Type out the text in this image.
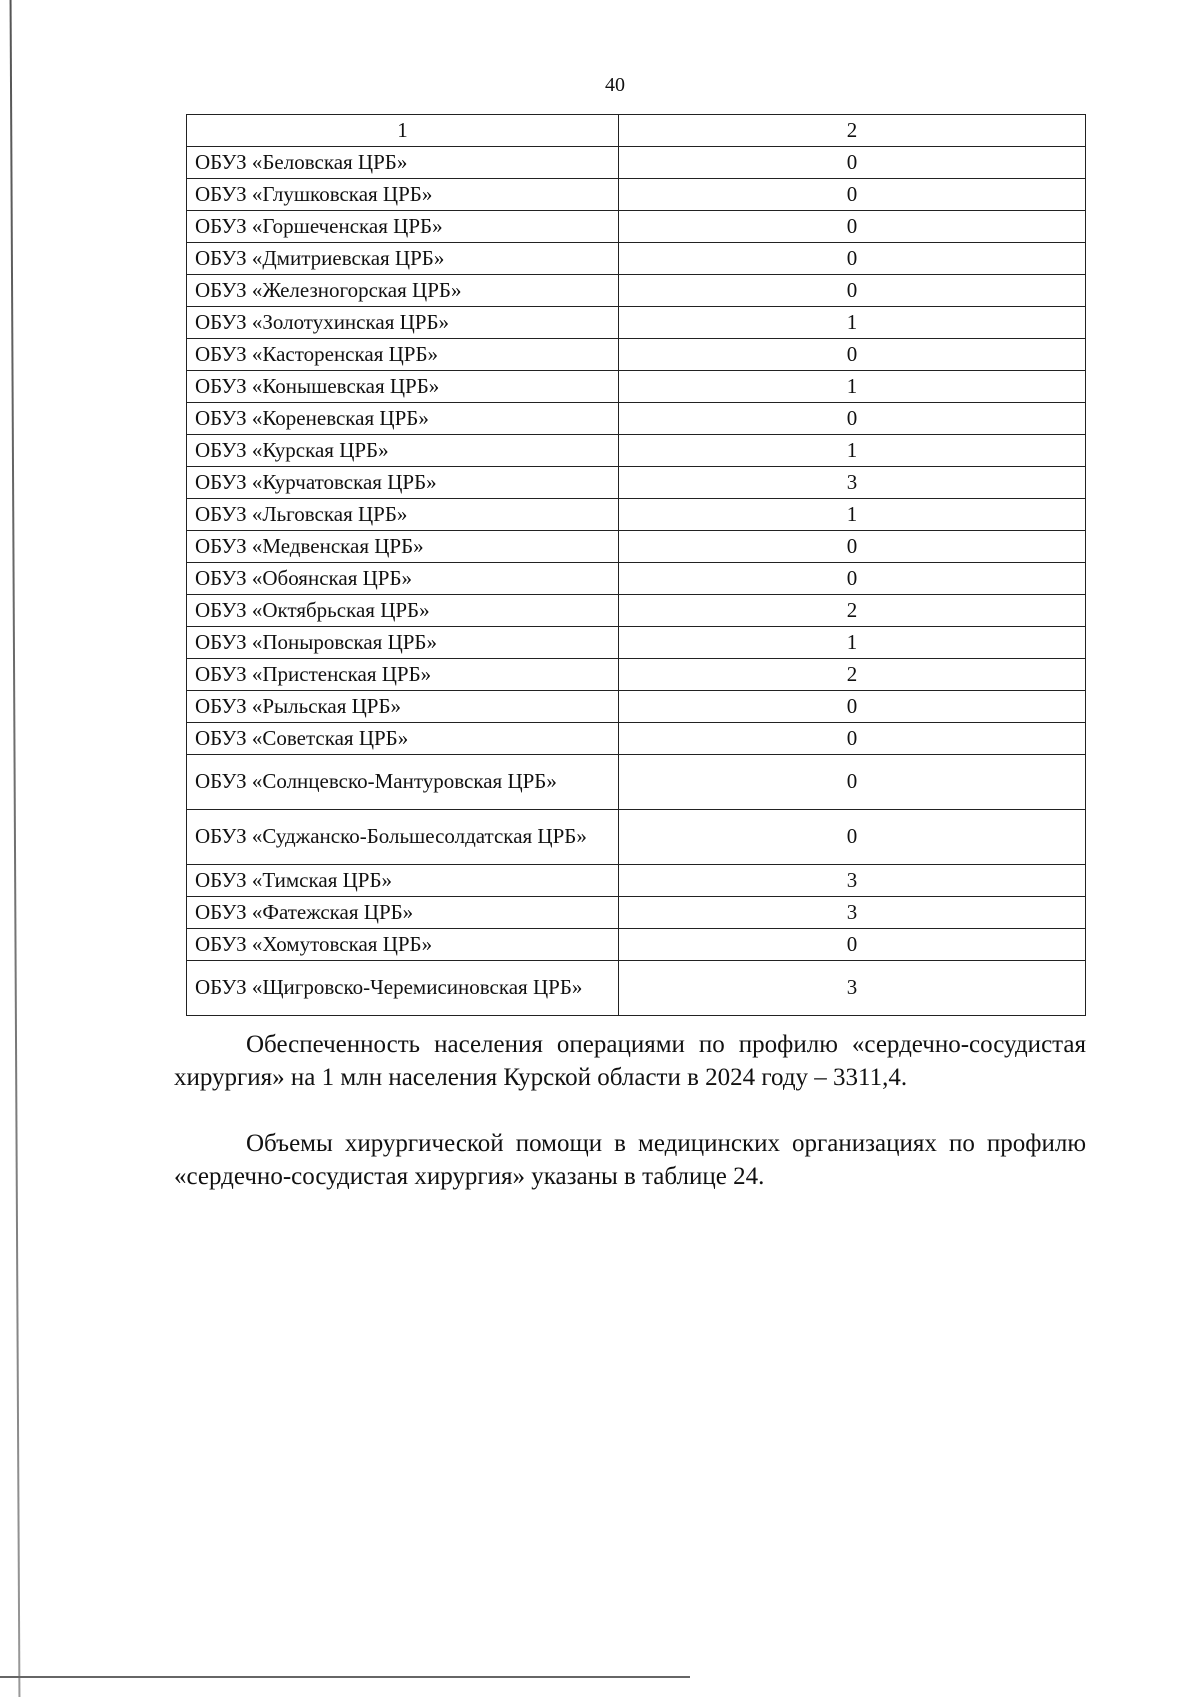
40
1	2
ОБУЗ «Беловская ЦРБ»	0
ОБУЗ «Глушковская ЦРБ»	0
ОБУЗ «Горшеченская ЦРБ»	0
ОБУЗ «Дмитриевская ЦРБ»	0
ОБУЗ «Железногорская ЦРБ»	0
ОБУЗ «Золотухинская ЦРБ»	1
ОБУЗ «Касторенская ЦРБ»	0
ОБУЗ «Конышевская ЦРБ»	1
ОБУЗ «Кореневская ЦРБ»	0
ОБУЗ «Курская ЦРБ»	1
ОБУЗ «Курчатовская ЦРБ»	3
ОБУЗ «Льговская ЦРБ»	1
ОБУЗ «Медвенская ЦРБ»	0
ОБУЗ «Обоянская ЦРБ»	0
ОБУЗ «Октябрьская ЦРБ»	2
ОБУЗ «Поныровская ЦРБ»	1
ОБУЗ «Пристенская ЦРБ»	2
ОБУЗ «Рыльская ЦРБ»	0
ОБУЗ «Советская ЦРБ»	0
ОБУЗ «Солнцевско-Мантуровская ЦРБ»	0
ОБУЗ «Суджанско-Большесолдатская ЦРБ»	0
ОБУЗ «Тимская ЦРБ»	3
ОБУЗ «Фатежская ЦРБ»	3
ОБУЗ «Хомутовская ЦРБ»	0
ОБУЗ «Щигровско-Черемисиновская ЦРБ»	3

Обеспеченность населения операциями по профилю «сердечно-сосудистая хирургия» на 1 млн населения Курской области в 2024 году – 3311,4.

Объемы хирургической помощи в медицинских организациях по профилю «сердечно-сосудистая хирургия» указаны в таблице 24.
